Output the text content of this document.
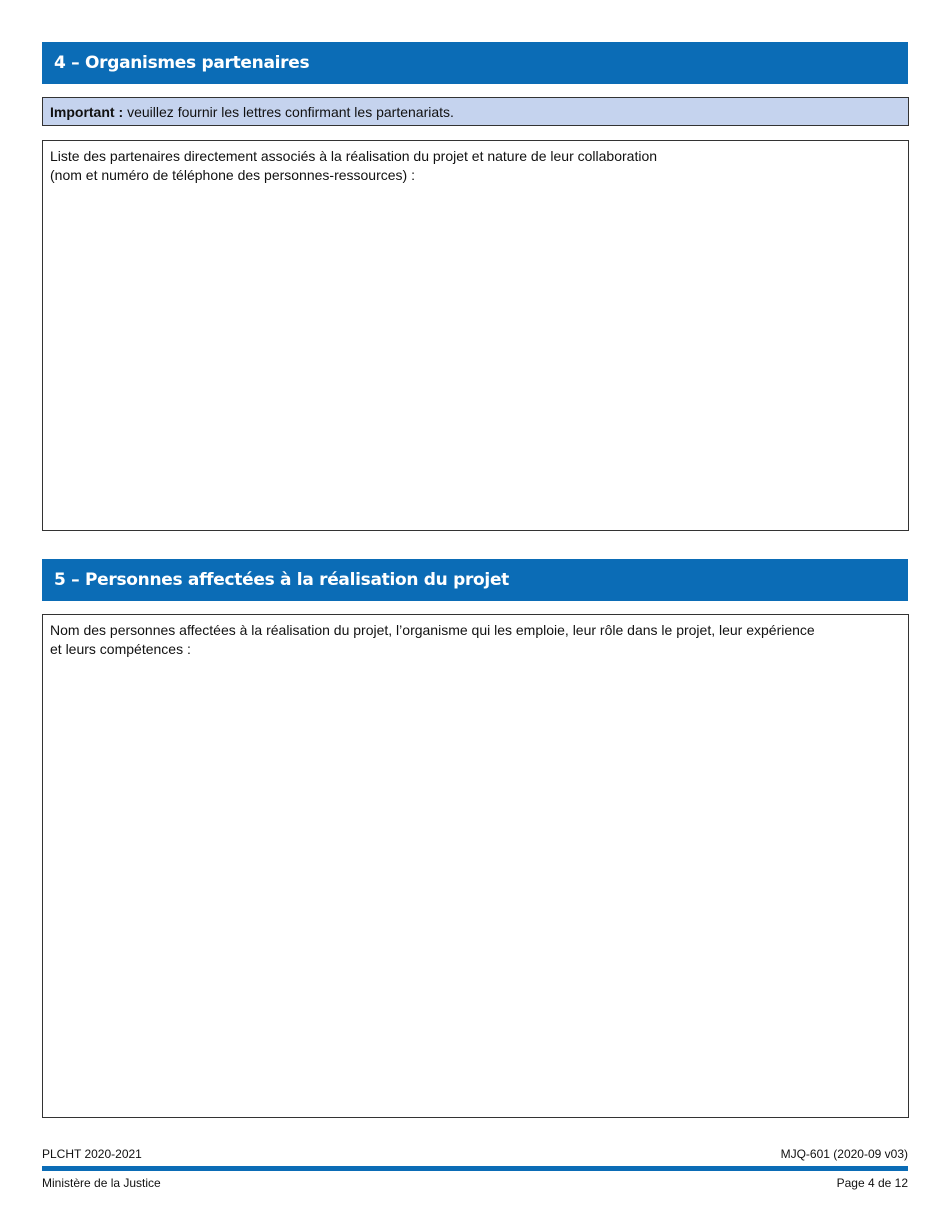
4 – Organismes partenaires
Important : veuillez fournir les lettres confirmant les partenariats.
Liste des partenaires directement associés à la réalisation du projet et nature de leur collaboration
(nom et numéro de téléphone des personnes-ressources) :
5 – Personnes affectées à la réalisation du projet
Nom des personnes affectées à la réalisation du projet, l’organisme qui les emploie, leur rôle dans le projet, leur expérience
et leurs compétences :
PLCHT 2020-2021	MJQ-601 (2020-09 v03)
Ministère de la Justice	Page 4 de 12
